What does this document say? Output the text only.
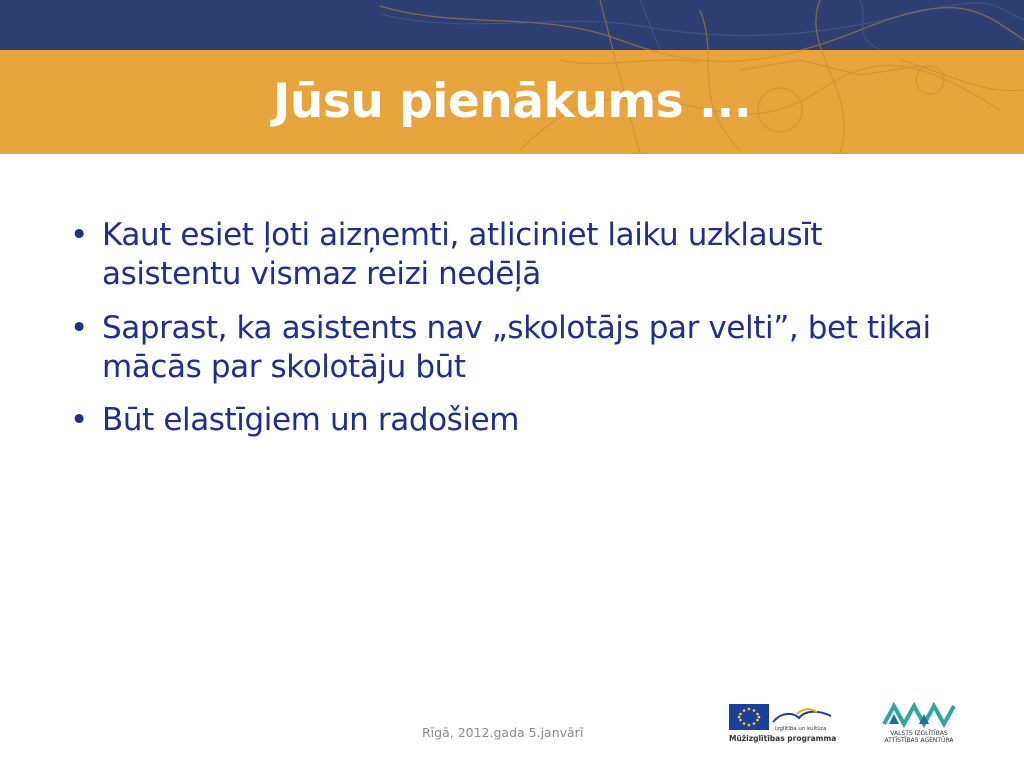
Jūsu pienākums ...
• Kaut esiet ļoti aizņemti, atliciniet laiku uzklausīt asistentu vismaz reizi nedēļā
• Saprast, ka asistents nav „skolotājs par velti”, bet tikai mācās par skolotāju būt
• Būt elastīgiem un radošiem
Rīgā, 2012.gada 5.janvārī	Izglītība un kultūra
Mūžizglītības programma
VALSTS IZGLĪTĪBAS
ATTĪSTĪBAS AĢENTŪRA
